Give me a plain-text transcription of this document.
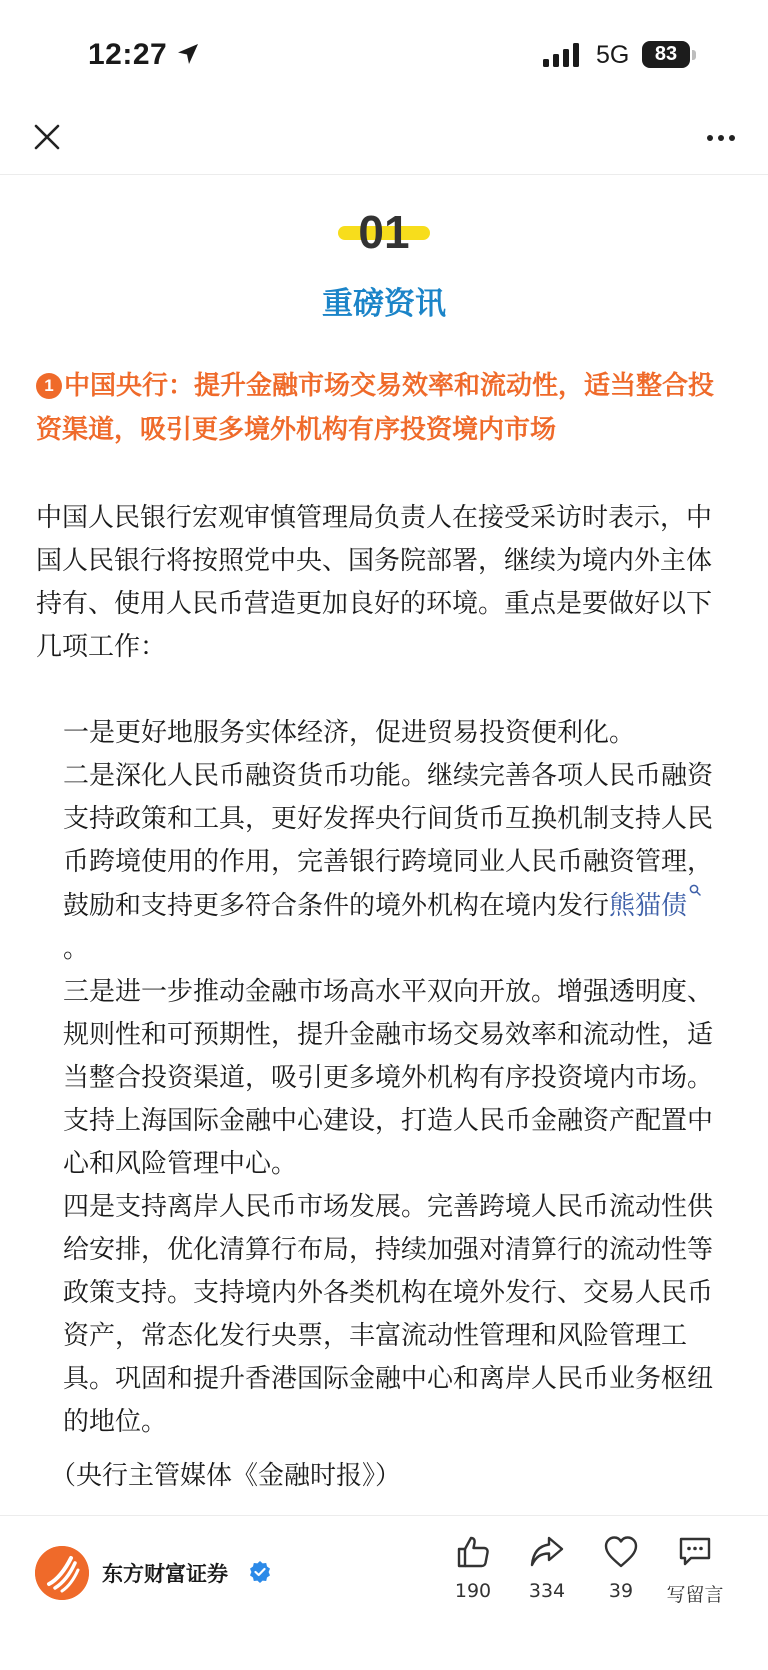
12:27	5G	83
01
重磅资讯
1 中国央行：提升金融市场交易效率和流动性，适当整合投资渠道，吸引更多境外机构有序投资境内市场
中国人民银行宏观审慎管理局负责人在接受采访时表示，中国人民银行将按照党中央、国务院部署，继续为境内外主体持有、使用人民币营造更加良好的环境。重点是要做好以下几项工作：

一是更好地服务实体经济，促进贸易投资便利化。

二是深化人民币融资货币功能。继续完善各项人民币融资支持政策和工具，更好发挥央行间货币互换机制支持人民币跨境使用的作用，完善银行跨境同业人民币融资管理，鼓励和支持更多符合条件的境外机构在境内发行熊猫债。

三是进一步推动金融市场高水平双向开放。增强透明度、规则性和可预期性，提升金融市场交易效率和流动性，适当整合投资渠道，吸引更多境外机构有序投资境内市场。支持上海国际金融中心建设，打造人民币金融资产配置中心和风险管理中心。

四是支持离岸人民币市场发展。完善跨境人民币流动性供给安排，优化清算行布局，持续加强对清算行的流动性等政策支持。支持境内外各类机构在境外发行、交易人民币资产，常态化发行央票，丰富流动性管理和风险管理工具。巩固和提升香港国际金融中心和离岸人民币业务枢纽的地位。

（央行主管媒体《金融时报》）
东方财富证券
190	334	39	写留言
